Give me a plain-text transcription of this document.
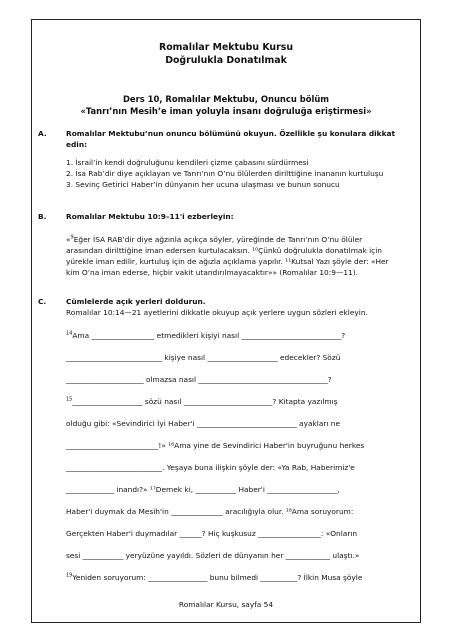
Romalılar Mektubu Kursu
Doğrulukla Donatılmak
Ders 10, Romalılar Mektubu, Onuncu bölüm
«Tanrı’nın Mesih’e iman yoluyla insanı doğruluğa eriştirmesi»
A.	Romalılar Mektubu’nun onuncu bölümünü okuyun. Özellikle şu konulara dikkat
edin:
1. İsrail’in kendi doğruluğunu kendileri çizme çabasını sürdürmesi
2. İsa Rab’dir diye açıklayan ve Tanrı’nın O’nu ölülerden dirilttiğine inananın kurtuluşu
3. Sevinç Getirici Haber’in dünyanın her ucuna ulaşması ve bunun sonucu
B.	Romalılar Mektubu 10:9–11'i ezberleyin:
«$^9$Eğer İSA RAB’dir diye ağzınla açıkça söyler, yüreğinde de Tanrı’nın O’nu ölüler
arasından dirilttiğine iman edersen kurtulacaksın. ¹⁰Çünkü doğrulukla donatılmak için
yürekle iman edilir, kurtuluş için de ağızla açıklama yapılır. ¹¹Kutsal Yazı şöyle der: «Her
kim O’na iman ederse, hiçbir vakit utandırılmayacaktır»» (Romalılar 10:9—11).
C.	Cümlelerde açık yerleri doldurun.
Romalılar 10:14—21 ayetlerini dikkatle okuyup açık yerlere uygun sözleri ekleyin.
$^{14}$Ama _________________ etmedikleri kişiyi nasıl ___________________________?
__________________________ kişiye nasıl ___________________ edecekler? Sözü
_____________________ olmazsa nasıl ___________________________________?
$^{15}$___________________ sözü nasıl ________________________? Kitapta yazılmış
olduğu gibi: «Sevindirici İyi Haber'i ___________________________ ayakları ne
_________________________!» ¹⁶Ama yine de Sevindirici Haber'in buyruğunu herkes
__________________________. Yeşaya buna ilişkin şöyle der: «Ya Rab, Haberimiz'e
_____________ inandı?» ¹⁷Demek ki, ___________ Haber'i ___________________,
Haber'i duymak da Mesih'in ______________ aracılığıyla olur. ¹⁸Ama soruyorum:
Gerçekten Haber'i duymadılar ______? Hiç kuşkusuz _________________: «Onların
sesi ___________ yeryüzüne yayıldı. Sözleri de dünyanın her ____________ ulaştı.»
$^{19}$Yeniden soruyorum: ________________ bunu bilmedi __________? İlkin Musa şöyle
Romalılar Kursu, sayfa 54
